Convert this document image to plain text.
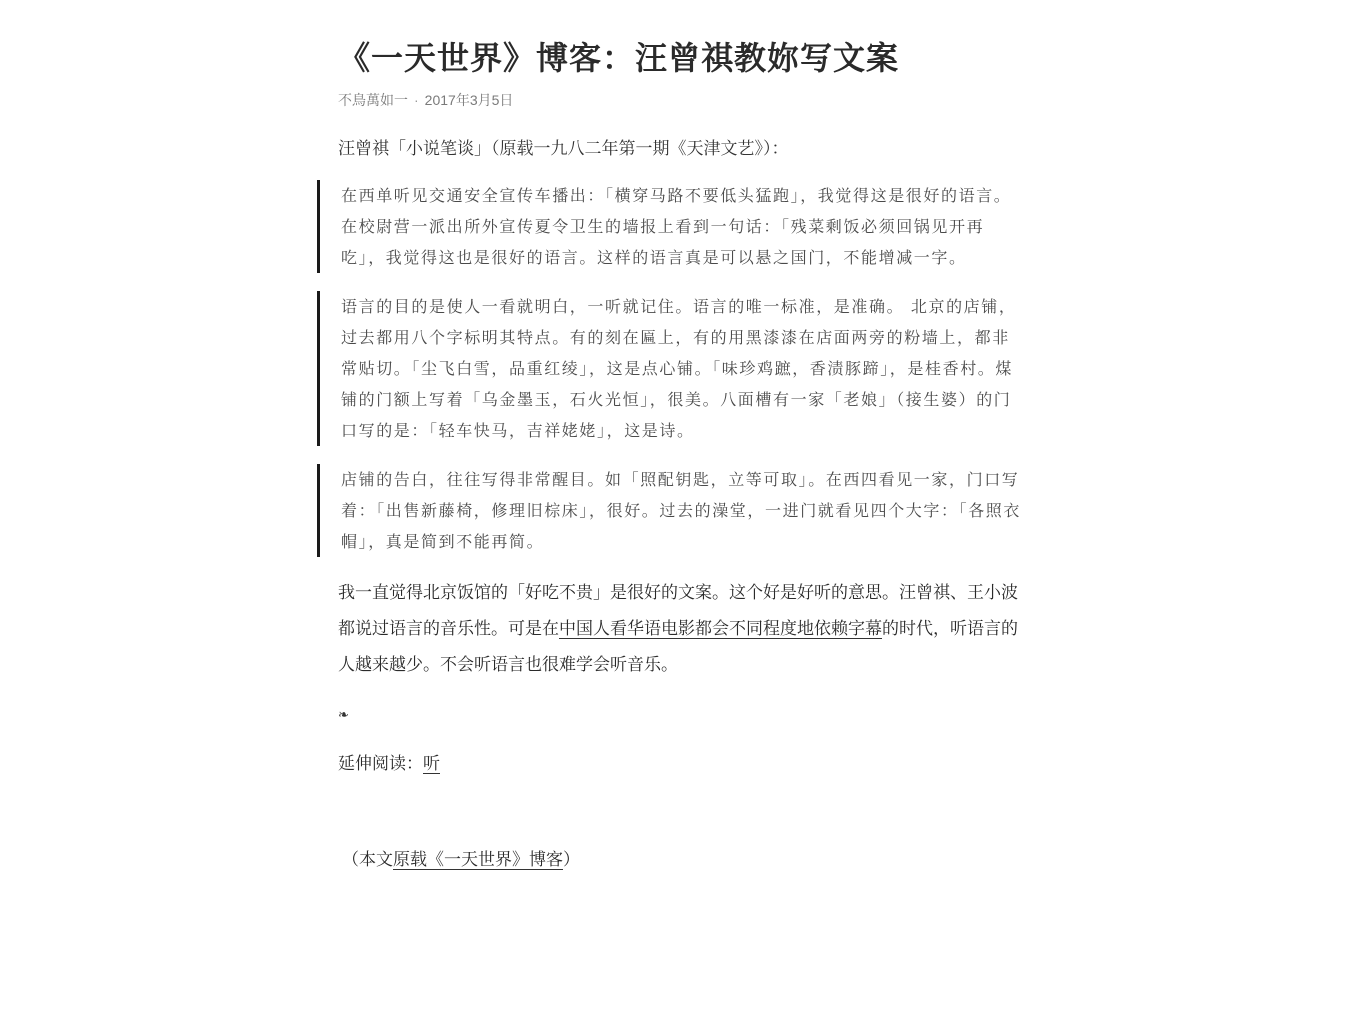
《一天世界》博客：汪曾祺教妳写文案
不鳥萬如一 · 2017年3月5日

汪曾祺「小说笔谈」（原载一九八二年第一期《天津文艺》）：

在西单听见交通安全宣传车播出：「横穿马路不要低头猛跑」，我觉得这是很好的语言。在校尉营一派出所外宣传夏令卫生的墙报上看到一句话：「残菜剩饭必须回锅见开再吃」，我觉得这也是很好的语言。这样的语言真是可以悬之国门，不能增减一字。

语言的目的是使人一看就明白，一听就记住。语言的唯一标准，是准确。 北京的店铺，过去都用八个字标明其特点。有的刻在匾上，有的用黑漆漆在店面两旁的粉墙上，都非常贴切。「尘飞白雪，品重红绫」，这是点心铺。「味珍鸡蹠，香渍豚蹄」，是桂香村。煤铺的门额上写着「乌金墨玉，石火光恒」，很美。八面槽有一家「老娘」（接生婆）的门口写的是：「轻车快马，吉祥姥姥」，这是诗。

店铺的告白，往往写得非常醒目。如「照配钥匙，立等可取」。在西四看见一家，门口写着：「出售新藤椅，修理旧棕床」，很好。过去的澡堂，一进门就看见四个大字：「各照衣帽」，真是简到不能再简。

我一直觉得北京饭馆的「好吃不贵」是很好的文案。这个好是好听的意思。汪曾祺、王小波都说过语言的音乐性。可是在中国人看华语电影都会不同程度地依赖字幕的时代，听语言的人越来越少。不会听语言也很难学会听音乐。

❧

延伸阅读：听

（本文原载《一天世界》博客）
